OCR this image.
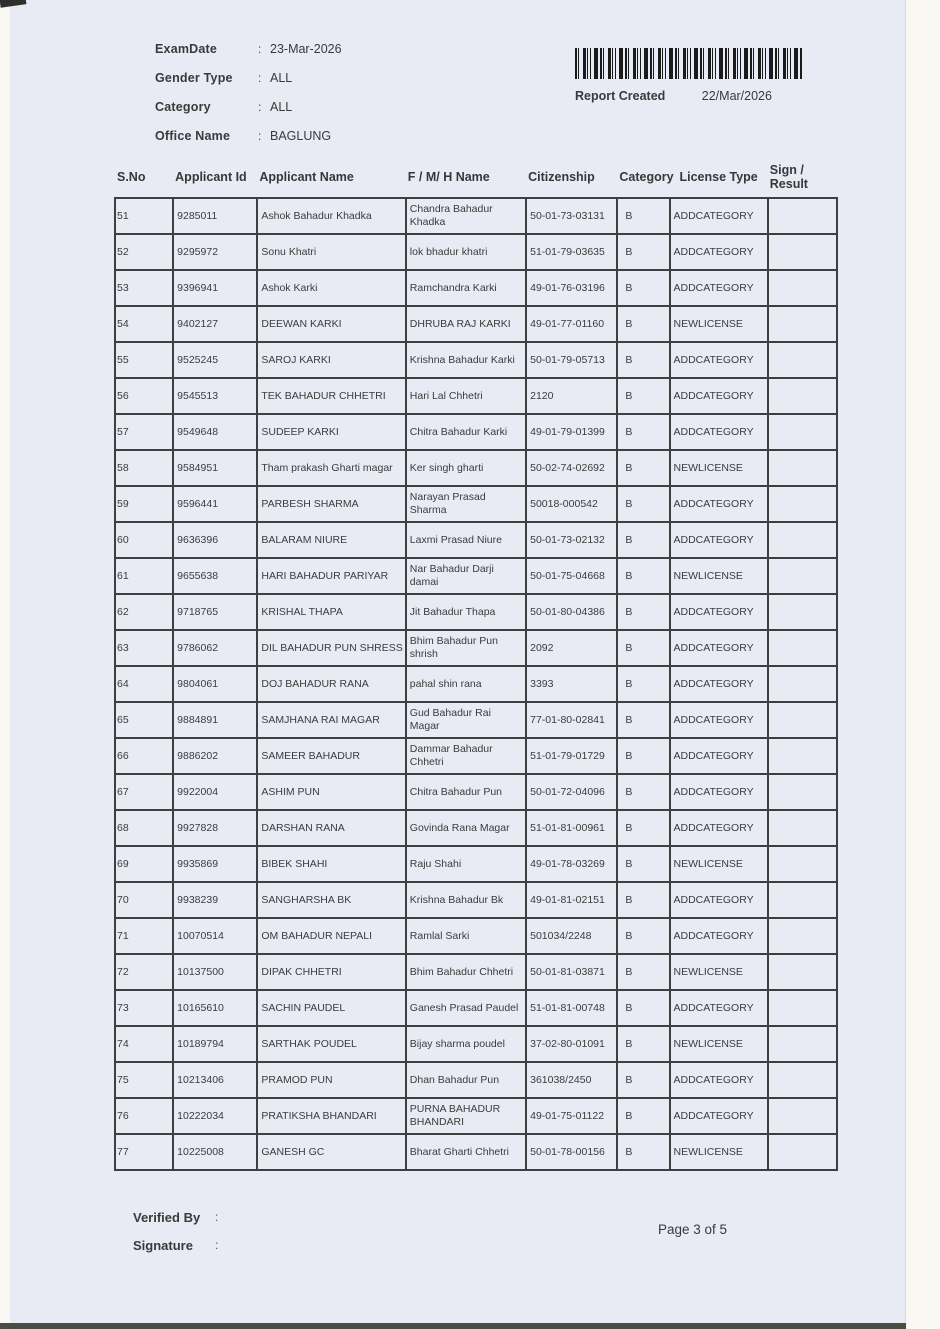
ExamDate	: 23-Mar-2026
Gender Type	: ALL
Category	: ALL
Office Name	: BAGLUNG
Report Created	22/Mar/2026
S.No	Applicant Id	Applicant Name	F / M/ H Name	Citizenship	Category	License Type	Sign / Result
51	9285011	Ashok Bahadur Khadka	Chandra Bahadur Khadka	50-01-73-03131	B	ADDCATEGORY	
52	9295972	Sonu Khatri	lok bhadur khatri	51-01-79-03635	B	ADDCATEGORY	
53	9396941	Ashok Karki	Ramchandra Karki	49-01-76-03196	B	ADDCATEGORY	
54	9402127	DEEWAN KARKI	DHRUBA RAJ KARKI	49-01-77-01160	B	NEWLICENSE	
55	9525245	SAROJ KARKI	Krishna Bahadur Karki	50-01-79-05713	B	ADDCATEGORY	
56	9545513	TEK BAHADUR CHHETRI	Hari Lal Chhetri	2120	B	ADDCATEGORY	
57	9549648	SUDEEP KARKI	Chitra Bahadur Karki	49-01-79-01399	B	ADDCATEGORY	
58	9584951	Tham prakash Gharti magar	Ker singh gharti	50-02-74-02692	B	NEWLICENSE	
59	9596441	PARBESH SHARMA	Narayan Prasad Sharma	50018-000542	B	ADDCATEGORY	
60	9636396	BALARAM NIURE	Laxmi Prasad Niure	50-01-73-02132	B	ADDCATEGORY	
61	9655638	HARI BAHADUR PARIYAR	Nar Bahadur Darji damai	50-01-75-04668	B	NEWLICENSE	
62	9718765	KRISHAL THAPA	Jit Bahadur Thapa	50-01-80-04386	B	ADDCATEGORY	
63	9786062	DIL BAHADUR PUN SHRESS	Bhim Bahadur Pun shrish	2092	B	ADDCATEGORY	
64	9804061	DOJ BAHADUR RANA	pahal shin rana	3393	B	ADDCATEGORY	
65	9884891	SAMJHANA RAI MAGAR	Gud Bahadur Rai Magar	77-01-80-02841	B	ADDCATEGORY	
66	9886202	SAMEER BAHADUR	Dammar Bahadur Chhetri	51-01-79-01729	B	ADDCATEGORY	
67	9922004	ASHIM PUN	Chitra Bahadur Pun	50-01-72-04096	B	ADDCATEGORY	
68	9927828	DARSHAN RANA	Govinda Rana Magar	51-01-81-00961	B	ADDCATEGORY	
69	9935869	BIBEK SHAHI	Raju Shahi	49-01-78-03269	B	NEWLICENSE	
70	9938239	SANGHARSHA BK	Krishna Bahadur Bk	49-01-81-02151	B	ADDCATEGORY	
71	10070514	OM BAHADUR NEPALI	Ramlal Sarki	501034/2248	B	ADDCATEGORY	
72	10137500	DIPAK CHHETRI	Bhim Bahadur Chhetri	50-01-81-03871	B	NEWLICENSE	
73	10165610	SACHIN PAUDEL	Ganesh Prasad Paudel	51-01-81-00748	B	ADDCATEGORY	
74	10189794	SARTHAK POUDEL	Bijay sharma poudel	37-02-80-01091	B	NEWLICENSE	
75	10213406	PRAMOD PUN	Dhan Bahadur Pun	361038/2450	B	ADDCATEGORY	
76	10222034	PRATIKSHA BHANDARI	PURNA BAHADUR BHANDARI	49-01-75-01122	B	ADDCATEGORY	
77	10225008	GANESH GC	Bharat Gharti Chhetri	50-01-78-00156	B	NEWLICENSE	
Verified By	:
Signature	:
Page 3 of 5
